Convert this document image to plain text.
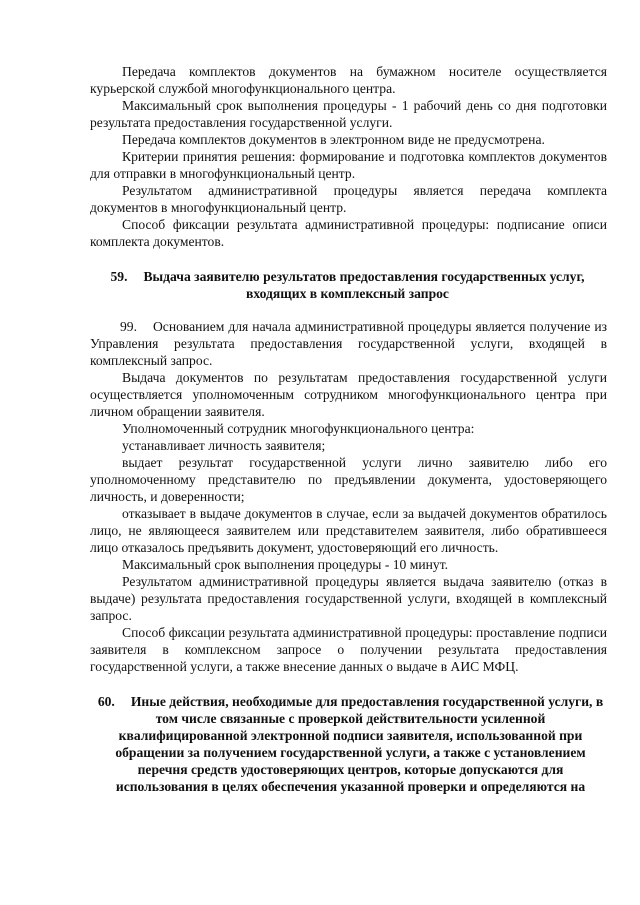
Передача комплектов документов на бумажном носителе осуществляется курьерской службой многофункционального центра.

Максимальный срок выполнения процедуры - 1 рабочий день со дня подготовки результата предоставления государственной услуги.

Передача комплектов документов в электронном виде не предусмотрена.

Критерии принятия решения: формирование и подготовка комплектов документов для отправки в многофункциональный центр.

Результатом административной процедуры является передача комплекта документов в многофункциональный центр.

Способ фиксации результата административной процедуры: подписание описи комплекта документов.

59. Выдача заявителю результатов предоставления государственных услуг, входящих в комплексный запрос

99. Основанием для начала административной процедуры является получение из Управления результата предоставления государственной услуги, входящей в комплексный запрос.

Выдача документов по результатам предоставления государственной услуги осуществляется уполномоченным сотрудником многофункционального центра при личном обращении заявителя.

Уполномоченный сотрудник многофункционального центра:

устанавливает личность заявителя;

выдает результат государственной услуги лично заявителю либо его уполномоченному представителю по предъявлении документа, удостоверяющего личность, и доверенности;

отказывает в выдаче документов в случае, если за выдачей документов обратилось лицо, не являющееся заявителем или представителем заявителя, либо обратившееся лицо отказалось предъявить документ, удостоверяющий его личность.

Максимальный срок выполнения процедуры - 10 минут.

Результатом административной процедуры является выдача заявителю (отказ в выдаче) результата предоставления государственной услуги, входящей в комплексный запрос.

Способ фиксации результата административной процедуры: проставление подписи заявителя в комплексном запросе о получении результата предоставления государственной услуги, а также внесение данных о выдаче в АИС МФЦ.

60. Иные действия, необходимые для предоставления государственной услуги, в том числе связанные с проверкой действительности усиленной квалифицированной электронной подписи заявителя, использованной при обращении за получением государственной услуги, а также с установлением перечня средств удостоверяющих центров, которые допускаются для использования в целях обеспечения указанной проверки и определяются на
